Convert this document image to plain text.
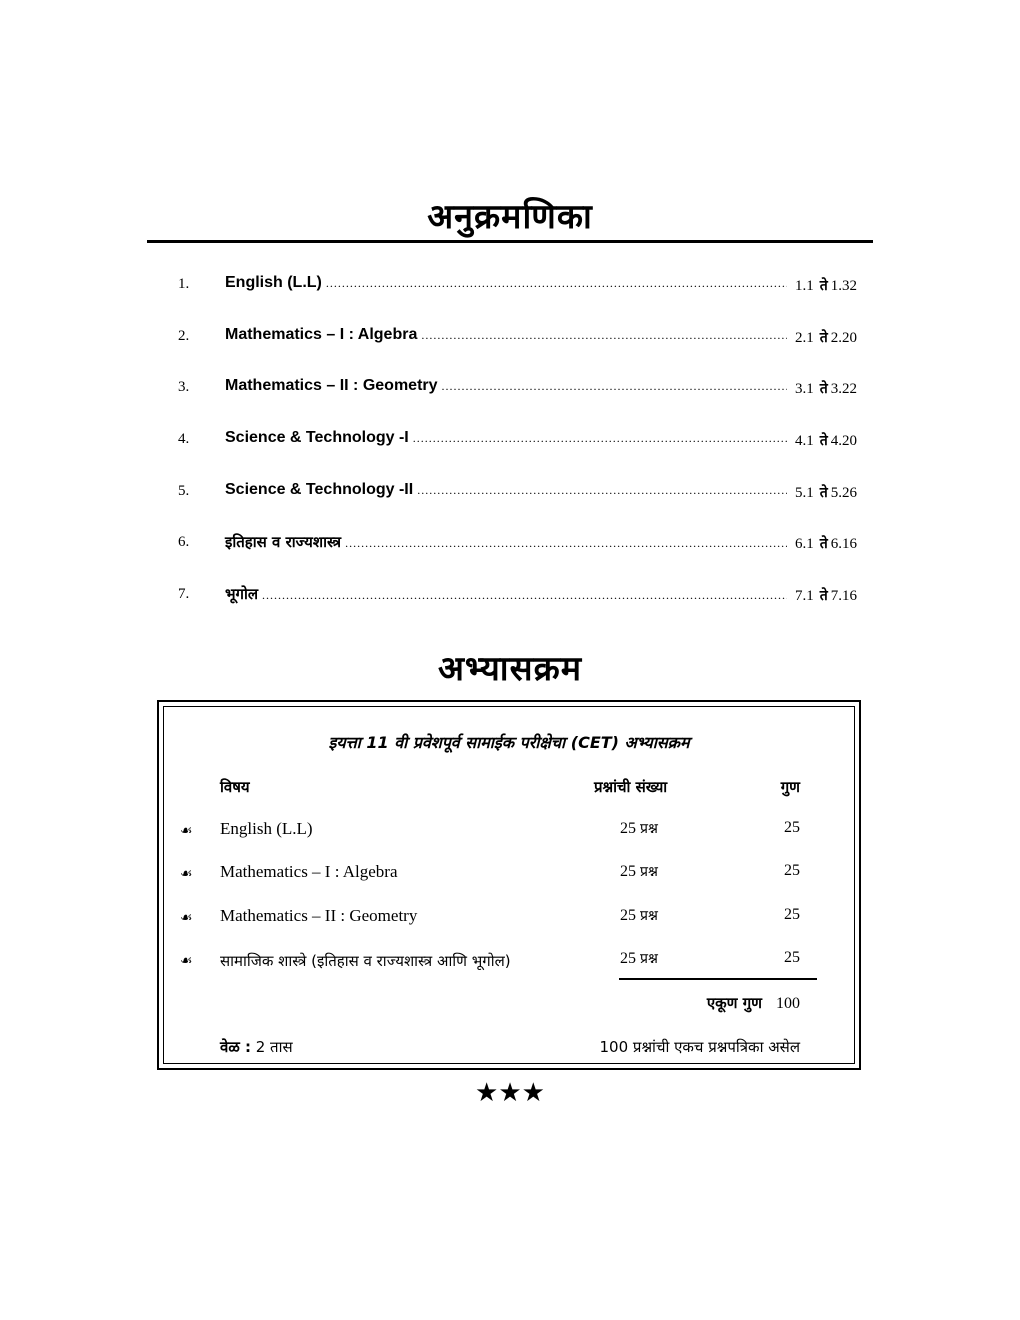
अनुक्रमणिका
1. English (L.L) .....	1.1 ते 1.32
2. Mathematics – I : Algebra .....	2.1 ते 2.20
3. Mathematics – II : Geometry .....	3.1 ते 3.22
4. Science & Technology -I .....	4.1 ते 4.20
5. Science & Technology -II .....	5.1 ते 5.26
6. इतिहास व राज्यशास्त्र .....	6.1 ते 6.16
7. भूगोल .....	7.1 ते 7.16
अभ्यासक्रम
इयत्ता 11 वी प्रवेशपूर्व सामाईक परीक्षेचा (CET) अभ्यासक्रम
विषय	प्रश्नांची संख्या	गुण
☙ English (L.L)	25 प्रश्न	25
☙ Mathematics – I : Algebra	25 प्रश्न	25
☙ Mathematics – II : Geometry	25 प्रश्न	25
☙ सामाजिक शास्त्रे (इतिहास व राज्यशास्त्र आणि भूगोल)	25 प्रश्न	25
एकूण गुण 100
वेळ : 2 तास	100 प्रश्नांची एकच प्रश्नपत्रिका असेल
★★★
